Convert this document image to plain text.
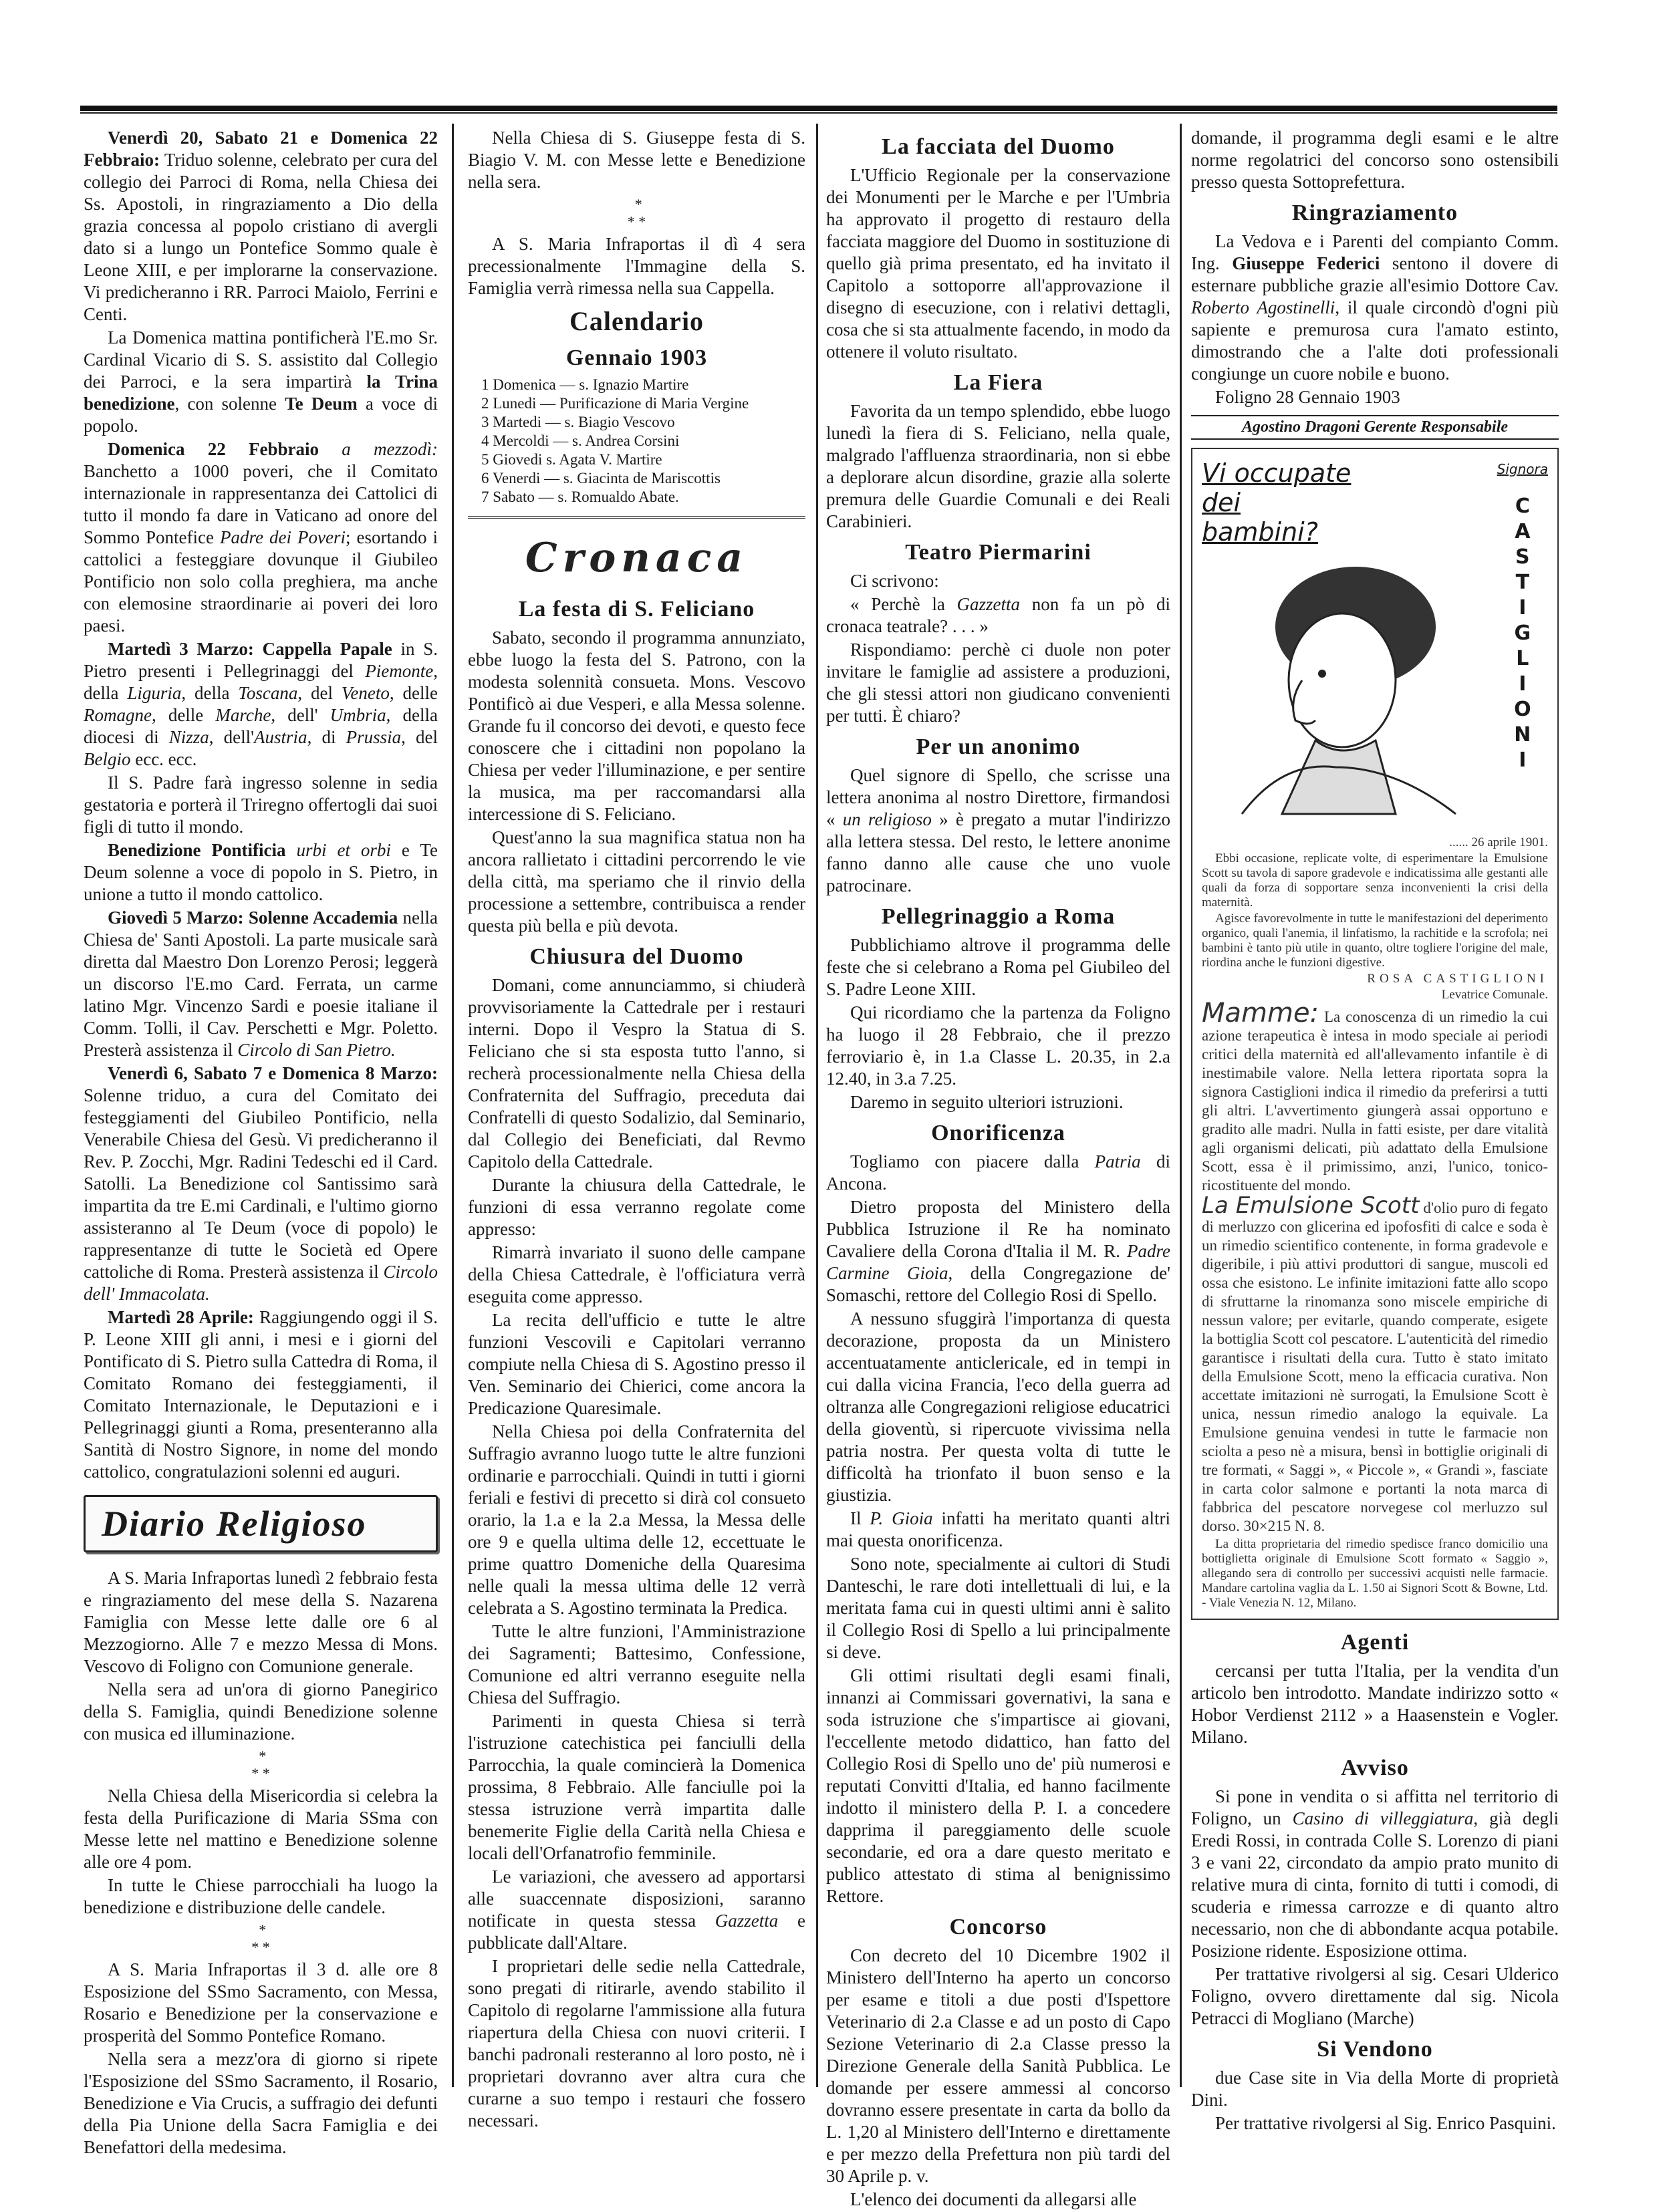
Venerdì 20, Sabato 21 e Domenica 22 Febbraio: Triduo solenne, celebrato per cura del collegio dei Parroci di Roma, nella Chiesa dei Ss. Apostoli, in ringraziamento a Dio della grazia concessa al popolo cristiano di avergli dato si a lungo un Pontefice Sommo quale è Leone XIII, e per implorarne la conservazione. Vi predicheranno i RR. Parroci Maiolo, Ferrini e Centi.

La Domenica mattina pontificherà l'E.mo Sr. Cardinal Vicario di S. S. assistito dal Collegio dei Parroci, e la sera impartirà la Trina benedizione, con solenne Te Deum a voce di popolo.

Domenica 22 Febbraio a mezzodì: Banchetto a 1000 poveri, che il Comitato internazionale in rappresentanza dei Cattolici di tutto il mondo fa dare in Vaticano ad onore del Sommo Pontefice Padre dei Poveri; esortando i cattolici a festeggiare dovunque il Giubileo Pontificio non solo colla preghiera, ma anche con elemosine straordinarie ai poveri dei loro paesi.

Martedì 3 Marzo: Cappella Papale in S. Pietro presenti i Pellegrinaggi del Piemonte, della Liguria, della Toscana, del Veneto, delle Romagne, delle Marche, dell' Umbria, della diocesi di Nizza, dell'Austria, di Prussia, del Belgio ecc. ecc.

Il S. Padre farà ingresso solenne in sedia gestatoria e porterà il Triregno offertogli dai suoi figli di tutto il mondo.

Benedizione Pontificia urbi et orbi e Te Deum solenne a voce di popolo in S. Pietro, in unione a tutto il mondo cattolico.

Giovedì 5 Marzo: Solenne Accademia nella Chiesa de' Santi Apostoli. La parte musicale sarà diretta dal Maestro Don Lorenzo Perosi; leggerà un discorso l'E.mo Card. Ferrata, un carme latino Mgr. Vincenzo Sardi e poesie italiane il Comm. Tolli, il Cav. Perschetti e Mgr. Poletto. Presterà assistenza il Circolo di San Pietro.

Venerdì 6, Sabato 7 e Domenica 8 Marzo: Solenne triduo, a cura del Comitato dei festeggiamenti del Giubileo Pontificio, nella Venerabile Chiesa del Gesù. Vi predicheranno il Rev. P. Zocchi, Mgr. Radini Tedeschi ed il Card. Satolli. La Benedizione col Santissimo sarà impartita da tre E.mi Cardinali, e l'ultimo giorno assisteranno al Te Deum (voce di popolo) le rappresentanze di tutte le Società ed Opere cattoliche di Roma. Presterà assistenza il Circolo dell' Immacolata.

Martedì 28 Aprile: Raggiungendo oggi il S. P. Leone XIII gli anni, i mesi e i giorni del Pontificato di S. Pietro sulla Cattedra di Roma, il Comitato Romano dei festeggiamenti, il Comitato Internazionale, le Deputazioni e i Pellegrinaggi giunti a Roma, presenteranno alla Santità di Nostro Signore, in nome del mondo cattolico, congratulazioni solenni ed auguri.

Diario Religioso

A S. Maria Infraportas lunedì 2 febbraio festa e ringraziamento del mese della S. Nazarena Famiglia con Messe lette dalle ore 6 al Mezzogiorno. Alle 7 e mezzo Messa di Mons. Vescovo di Foligno con Comunione generale.

Nella sera ad un'ora di giorno Panegirico della S. Famiglia, quindi Benedizione solenne con musica ed illuminazione.

*
* *

Nella Chiesa della Misericordia si celebra la festa della Purificazione di Maria SSma con Messe lette nel mattino e Benedizione solenne alle ore 4 pom.

In tutte le Chiese parrocchiali ha luogo la benedizione e distribuzione delle candele.

*
* *

A S. Maria Infraportas il 3 d. alle ore 8 Esposizione del SSmo Sacramento, con Messa, Rosario e Benedizione per la conservazione e prosperità del Sommo Pontefice Romano.

Nella sera a mezz'ora di giorno si ripete l'Esposizione del SSmo Sacramento, il Rosario, Benedizione e Via Crucis, a suffragio dei defunti della Pia Unione della Sacra Famiglia e dei Benefattori della medesima.

Nella Chiesa di S. Giuseppe festa di S. Biagio V. M. con Messe lette e Benedizione nella sera.

*
* *

A S. Maria Infraportas il dì 4 sera precessionalmente l'Immagine della S. Famiglia verrà rimessa nella sua Cappella.

Calendario
Gennaio 1903
1 Domenica — s. Ignazio Martire
2 Lunedi — Purificazione di Maria Vergine
3 Martedi — s. Biagio Vescovo
4 Mercoldi — s. Andrea Corsini
5 Giovedi s. Agata V. Martire
6 Venerdi — s. Giacinta de Mariscottis
7 Sabato — s. Romualdo Abate.
Cronaca
La festa di S. Feliciano

Sabato, secondo il programma annunziato, ebbe luogo la festa del S. Patrono, con la modesta solennità consueta. Mons. Vescovo Pontificò ai due Vesperi, e alla Messa solenne. Grande fu il concorso dei devoti, e questo fece conoscere che i cittadini non popolano la Chiesa per veder l'illuminazione, e per sentire la musica, ma per raccomandarsi alla intercessione di S. Feliciano.

Quest'anno la sua magnifica statua non ha ancora rallietato i cittadini percorrendo le vie della città, ma speriamo che il rinvio della processione a settembre, contribuisca a render questa più bella e più devota.

Chiusura del Duomo

Domani, come annunciammo, si chiuderà provvisoriamente la Cattedrale per i restauri interni. Dopo il Vespro la Statua di S. Feliciano che si sta esposta tutto l'anno, si recherà processionalmente nella Chiesa della Confraternita del Suffragio, preceduta dai Confratelli di questo Sodalizio, dal Seminario, dal Collegio dei Beneficiati, dal Revmo Capitolo della Cattedrale.

Durante la chiusura della Cattedrale, le funzioni di essa verranno regolate come appresso:

Rimarrà invariato il suono delle campane della Chiesa Cattedrale, è l'officiatura verrà eseguita come appresso.

La recita dell'ufficio e tutte le altre funzioni Vescovili e Capitolari verranno compiute nella Chiesa di S. Agostino presso il Ven. Seminario dei Chierici, come ancora la Predicazione Quaresimale.

Nella Chiesa poi della Confraternita del Suffragio avranno luogo tutte le altre funzioni ordinarie e parrocchiali. Quindi in tutti i giorni feriali e festivi di precetto si dirà col consueto orario, la 1.a e la 2.a Messa, la Messa delle ore 9 e quella ultima delle 12, eccettuate le prime quattro Domeniche della Quaresima nelle quali la messa ultima delle 12 verrà celebrata a S. Agostino terminata la Predica.

Tutte le altre funzioni, l'Amministrazione dei Sagramenti; Battesimo, Confessione, Comunione ed altri verranno eseguite nella Chiesa del Suffragio.

Parimenti in questa Chiesa si terrà l'istruzione catechistica pei fanciulli della Parrocchia, la quale comincierà la Domenica prossima, 8 Febbraio. Alle fanciulle poi la stessa istruzione verrà impartita dalle benemerite Figlie della Carità nella Chiesa e locali dell'Orfanatrofio femminile.

Le variazioni, che avessero ad apportarsi alle suaccennate disposizioni, saranno notificate in questa stessa Gazzetta e pubblicate dall'Altare.

I proprietari delle sedie nella Cattedrale, sono pregati di ritirarle, avendo stabilito il Capitolo di regolarne l'ammissione alla futura riapertura della Chiesa con nuovi criterii. I banchi padronali resteranno al loro posto, nè i proprietari dovranno aver altra cura che curarne a suo tempo i restauri che fossero necessari.

La facciata del Duomo

L'Ufficio Regionale per la conservazione dei Monumenti per le Marche e per l'Umbria ha approvato il progetto di restauro della facciata maggiore del Duomo in sostituzione di quello già prima presentato, ed ha invitato il Capitolo a sottoporre all'approvazione il disegno di esecuzione, con i relativi dettagli, cosa che si sta attualmente facendo, in modo da ottenere il voluto risultato.

La Fiera

Favorita da un tempo splendido, ebbe luogo lunedì la fiera di S. Feliciano, nella quale, malgrado l'affluenza straordinaria, non si ebbe a deplorare alcun disordine, grazie alla solerte premura delle Guardie Comunali e dei Reali Carabinieri.

Teatro Piermarini

Ci scrivono:

« Perchè la Gazzetta non fa un pò di cronaca teatrale? . . . »

Rispondiamo: perchè ci duole non poter invitare le famiglie ad assistere a produzioni, che gli stessi attori non giudicano convenienti per tutti. È chiaro?

Per un anonimo

Quel signore di Spello, che scrisse una lettera anonima al nostro Direttore, firmandosi « un religioso » è pregato a mutar l'indirizzo alla lettera stessa. Del resto, le lettere anonime fanno danno alle cause che uno vuole patrocinare.

Pellegrinaggio a Roma

Pubblichiamo altrove il programma delle feste che si celebrano a Roma pel Giubileo del S. Padre Leone XIII.

Qui ricordiamo che la partenza da Foligno ha luogo il 28 Febbraio, che il prezzo ferroviario è, in 1.a Classe L. 20.35, in 2.a 12.40, in 3.a 7.25.

Daremo in seguito ulteriori istruzioni.

Onorificenza

Togliamo con piacere dalla Patria di Ancona.

Dietro proposta del Ministero della Pubblica Istruzione il Re ha nominato Cavaliere della Corona d'Italia il M. R. Padre Carmine Gioia, della Congregazione de' Somaschi, rettore del Collegio Rosi di Spello.

A nessuno sfuggirà l'importanza di questa decorazione, proposta da un Ministero accentuatamente anticlericale, ed in tempi in cui dalla vicina Francia, l'eco della guerra ad oltranza alle Congregazioni religiose educatrici della gioventù, si ripercuote vivissima nella patria nostra. Per questa volta di tutte le difficoltà ha trionfato il buon senso e la giustizia.

Il P. Gioia infatti ha meritato quanti altri mai questa onorificenza.

Sono note, specialmente ai cultori di Studi Danteschi, le rare doti intellettuali di lui, e la meritata fama cui in questi ultimi anni è salito il Collegio Rosi di Spello a lui principalmente si deve.

Gli ottimi risultati degli esami finali, innanzi ai Commissari governativi, la sana e soda istruzione che s'impartisce ai giovani, l'eccellente metodo didattico, han fatto del Collegio Rosi di Spello uno de' più numerosi e reputati Convitti d'Italia, ed hanno facilmente indotto il ministero della P. I. a concedere dapprima il pareggiamento delle scuole secondarie, ed ora a dare questo meritato e publico attestato di stima al benignissimo Rettore.

Concorso

Con decreto del 10 Dicembre 1902 il Ministero dell'Interno ha aperto un concorso per esame e titoli a due posti d'Ispettore Veterinario di 2.a Classe e ad un posto di Capo Sezione Veterinario di 2.a Classe presso la Direzione Generale della Sanità Pubblica. Le domande per essere ammessi al concorso dovranno essere presentate in carta da bollo da L. 1,20 al Ministero dell'Interno e direttamente e per mezzo della Prefettura non più tardi del 30 Aprile p. v.

L'elenco dei documenti da allegarsi alle

domande, il programma degli esami e le altre norme regolatrici del concorso sono ostensibili presso questa Sottoprefettura.

Ringraziamento

La Vedova e i Parenti del compianto Comm. Ing. Giuseppe Federici sentono il dovere di esternare pubbliche grazie all'esimio Dottore Cav. Roberto Agostinelli, il quale circondò d'ogni più sapiente e premurosa cura l'amato estinto, dimostrando che a l'alte doti professionali congiunge un cuore nobile e buono.

Foligno 28 Gennaio 1903

Agostino Dragoni Gerente Responsabile
Vi occupate
dei
bambini?
Signora
CASTIGLIONI

...... 26 aprile 1901.

Ebbi occasione, replicate volte, di esperimentare la Emulsione Scott su tavola di sapore gradevole e indicatissima alle gestanti alle quali da forza di sopportare senza inconvenienti la crisi della maternità.

Agisce favorevolmente in tutte le manifestazioni del deperimento organico, quali l'anemia, il linfatismo, la rachitide e la scrofola; nei bambini è tanto più utile in quanto, oltre togliere l'origine del male, riordina anche le funzioni digestive.

ROSA CASTIGLIONI

Levatrice Comunale.

Mamme: La conoscenza di un rimedio la cui azione terapeutica è intesa in modo speciale ai periodi critici della maternità ed all'allevamento infantile è di inestimabile valore. Nella lettera riportata sopra la signora Castiglioni indica il rimedio da preferirsi a tutti gli altri. L'avvertimento giungerà assai opportuno e gradito alle madri. Nulla in fatti esiste, per dare vitalità agli organismi delicati, più adattato della Emulsione Scott, essa è il primissimo, anzi, l'unico, tonico-ricostituente del mondo.

La Emulsione Scott d'olio puro di fegato di merluzzo con glicerina ed ipofosfiti di calce e soda è un rimedio scientifico contenente, in forma gradevole e digeribile, i più attivi produttori di sangue, muscoli ed ossa che esistono. Le infinite imitazioni fatte allo scopo di sfruttarne la rinomanza sono miscele empiriche di nessun valore; per evitarle, quando comperate, esigete la bottiglia Scott col pescatore. L'autenticità del rimedio garantisce i risultati della cura. Tutto è stato imitato della Emulsione Scott, meno la efficacia curativa. Non accettate imitazioni nè surrogati, la Emulsione Scott è unica, nessun rimedio analogo la equivale. La Emulsione genuina vendesi in tutte le farmacie non sciolta a peso nè a misura, bensì in bottiglie originali di tre formati, « Saggi », « Piccole », « Grandi », fasciate in carta color salmone e portanti la nota marca di fabbrica del pescatore norvegese col merluzzo sul dorso. 30×215 N. 8.

La ditta proprietaria del rimedio spedisce franco domicilio una bottiglietta originale di Emulsione Scott formato « Saggio », allegando sera di controllo per successivi acquisti nelle farmacie. Mandare cartolina vaglia da L. 1.50 ai Signori Scott & Bowne, Ltd. - Viale Venezia N. 12, Milano.

Agenti

cercansi per tutta l'Italia, per la vendita d'un articolo ben introdotto. Mandate indirizzo sotto « Hobor Verdienst 2112 » a Haasenstein e Vogler. Milano.

Avviso

Si pone in vendita o si affitta nel territorio di Foligno, un Casino di villeggiatura, già degli Eredi Rossi, in contrada Colle S. Lorenzo di piani 3 e vani 22, circondato da ampio prato munito di relative mura di cinta, fornito di tutti i comodi, di scuderia e rimessa carrozze e di quanto altro necessario, non che di abbondante acqua potabile. Posizione ridente. Esposizione ottima.

Per trattative rivolgersi al sig. Cesari Ulderico Foligno, ovvero direttamente dal sig. Nicola Petracci di Mogliano (Marche)

Si Vendono

due Case site in Via della Morte di proprietà Dini.

Per trattative rivolgersi al Sig. Enrico Pasquini.
